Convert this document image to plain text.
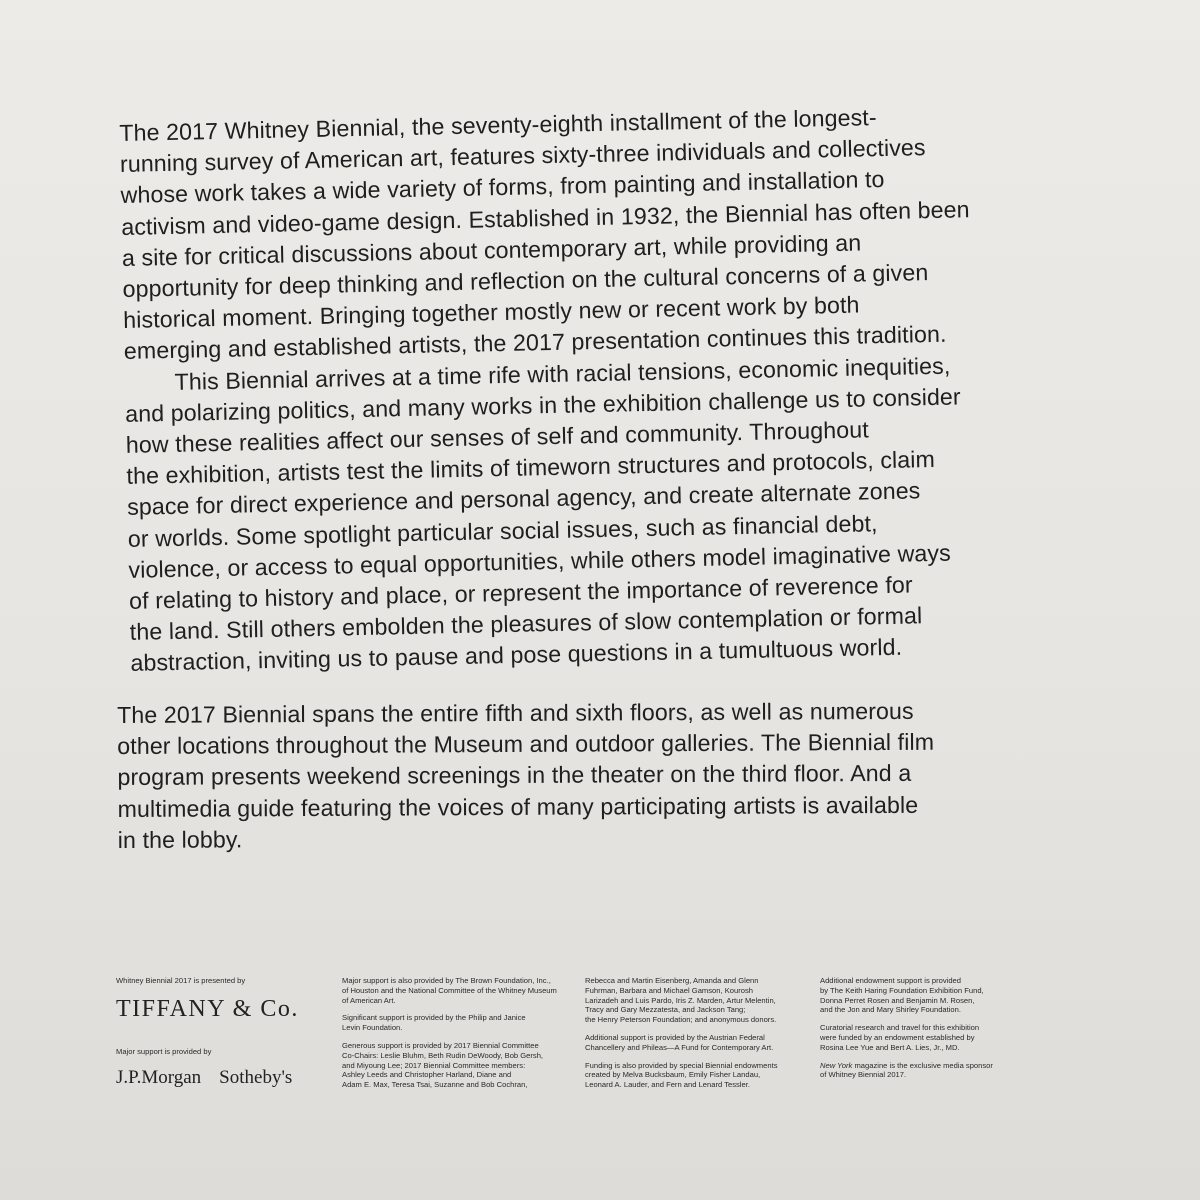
The 2017 Whitney Biennial, the seventy-eighth installment of the longest-
running survey of American art, features sixty-three individuals and collectives
whose work takes a wide variety of forms, from painting and installation to
activism and video-game design. Established in 1932, the Biennial has often been
a site for critical discussions about contemporary art, while providing an
opportunity for deep thinking and reflection on the cultural concerns of a given
historical moment. Bringing together mostly new or recent work by both
emerging and established artists, the 2017 presentation continues this tradition.

This Biennial arrives at a time rife with racial tensions, economic inequities,
and polarizing politics, and many works in the exhibition challenge us to consider
how these realities affect our senses of self and community. Throughout
the exhibition, artists test the limits of timeworn structures and protocols, claim
space for direct experience and personal agency, and create alternate zones
or worlds. Some spotlight particular social issues, such as financial debt,
violence, or access to equal opportunities, while others model imaginative ways
of relating to history and place, or represent the importance of reverence for
the land. Still others embolden the pleasures of slow contemplation or formal
abstraction, inviting us to pause and pose questions in a tumultuous world.

The 2017 Biennial spans the entire fifth and sixth floors, as well as numerous
other locations throughout the Museum and outdoor galleries. The Biennial film
program presents weekend screenings in the theater on the third floor. And a
multimedia guide featuring the voices of many participating artists is available
in the lobby.

Whitney Biennial 2017 is presented by
TIFFANY & Co.
Major support is provided by
J.P.Morgan Sotheby's

Major support is also provided by The Brown Foundation, Inc.,
of Houston and the National Committee of the Whitney Museum
of American Art.

Significant support is provided by the Philip and Janice
Levin Foundation.

Generous support is provided by 2017 Biennial Committee
Co-Chairs: Leslie Bluhm, Beth Rudin DeWoody, Bob Gersh,
and Miyoung Lee; 2017 Biennial Committee members:
Ashley Leeds and Christopher Harland, Diane and
Adam E. Max, Teresa Tsai, Suzanne and Bob Cochran,

Rebecca and Martin Eisenberg, Amanda and Glenn
Fuhrman, Barbara and Michael Gamson, Kourosh
Larizadeh and Luis Pardo, Iris Z. Marden, Artur Melentin,
Tracy and Gary Mezzatesta, and Jackson Tang;
the Henry Peterson Foundation; and anonymous donors.

Additional support is provided by the Austrian Federal
Chancellery and Phileas—A Fund for Contemporary Art.

Funding is also provided by special Biennial endowments
created by Melva Bucksbaum, Emily Fisher Landau,
Leonard A. Lauder, and Fern and Lenard Tessler.

Additional endowment support is provided
by The Keith Haring Foundation Exhibition Fund,
Donna Perret Rosen and Benjamin M. Rosen,
and the Jon and Mary Shirley Foundation.

Curatorial research and travel for this exhibition
were funded by an endowment established by
Rosina Lee Yue and Bert A. Lies, Jr., MD.

New York magazine is the exclusive media sponsor
of Whitney Biennial 2017.
